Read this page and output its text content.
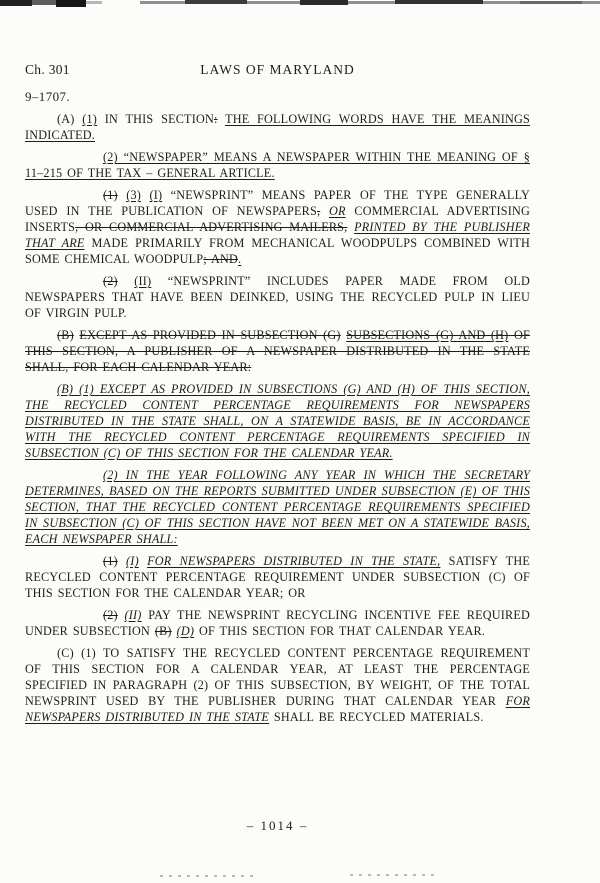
Ch. 301	LAWS OF MARYLAND
9–1707.

(A) (1) IN THIS SECTION: THE FOLLOWING WORDS HAVE THE MEANINGS INDICATED.

(2) “NEWSPAPER” MEANS A NEWSPAPER WITHIN THE MEANING OF § 11–215 OF THE TAX – GENERAL ARTICLE.

(1) (3) (I) “NEWSPRINT” MEANS PAPER OF THE TYPE GENERALLY USED IN THE PUBLICATION OF NEWSPAPERS, OR COMMERCIAL ADVERTISING INSERTS, OR COMMERCIAL ADVERTISING MAILERS, PRINTED BY THE PUBLISHER THAT ARE MADE PRIMARILY FROM MECHANICAL WOODPULPS COMBINED WITH SOME CHEMICAL WOODPULP; AND.

(2) (II) “NEWSPRINT” INCLUDES PAPER MADE FROM OLD NEWSPAPERS THAT HAVE BEEN DEINKED, USING THE RECYCLED PULP IN LIEU OF VIRGIN PULP.

(B) EXCEPT AS PROVIDED IN SUBSECTION (G) SUBSECTIONS (G) AND (H) OF THIS SECTION, A PUBLISHER OF A NEWSPAPER DISTRIBUTED IN THE STATE SHALL, FOR EACH CALENDAR YEAR:

(B) (1) EXCEPT AS PROVIDED IN SUBSECTIONS (G) AND (H) OF THIS SECTION, THE RECYCLED CONTENT PERCENTAGE REQUIREMENTS FOR NEWSPAPERS DISTRIBUTED IN THE STATE SHALL, ON A STATEWIDE BASIS, BE IN ACCORDANCE WITH THE RECYCLED CONTENT PERCENTAGE REQUIREMENTS SPECIFIED IN SUBSECTION (C) OF THIS SECTION FOR THE CALENDAR YEAR.

(2) IN THE YEAR FOLLOWING ANY YEAR IN WHICH THE SECRETARY DETERMINES, BASED ON THE REPORTS SUBMITTED UNDER SUBSECTION (E) OF THIS SECTION, THAT THE RECYCLED CONTENT PERCENTAGE REQUIREMENTS SPECIFIED IN SUBSECTION (C) OF THIS SECTION HAVE NOT BEEN MET ON A STATEWIDE BASIS, EACH NEWSPAPER SHALL:

(1) (I) FOR NEWSPAPERS DISTRIBUTED IN THE STATE, SATISFY THE RECYCLED CONTENT PERCENTAGE REQUIREMENT UNDER SUBSECTION (C) OF THIS SECTION FOR THE CALENDAR YEAR; OR

(2) (II) PAY THE NEWSPRINT RECYCLING INCENTIVE FEE REQUIRED UNDER SUBSECTION (B) (D) OF THIS SECTION FOR THAT CALENDAR YEAR.

(C) (1) TO SATISFY THE RECYCLED CONTENT PERCENTAGE REQUIREMENT OF THIS SECTION FOR A CALENDAR YEAR, AT LEAST THE PERCENTAGE SPECIFIED IN PARAGRAPH (2) OF THIS SUBSECTION, BY WEIGHT, OF THE TOTAL NEWSPRINT USED BY THE PUBLISHER DURING THAT CALENDAR YEAR FOR NEWSPAPERS DISTRIBUTED IN THE STATE SHALL BE RECYCLED MATERIALS.

– 1014 –
